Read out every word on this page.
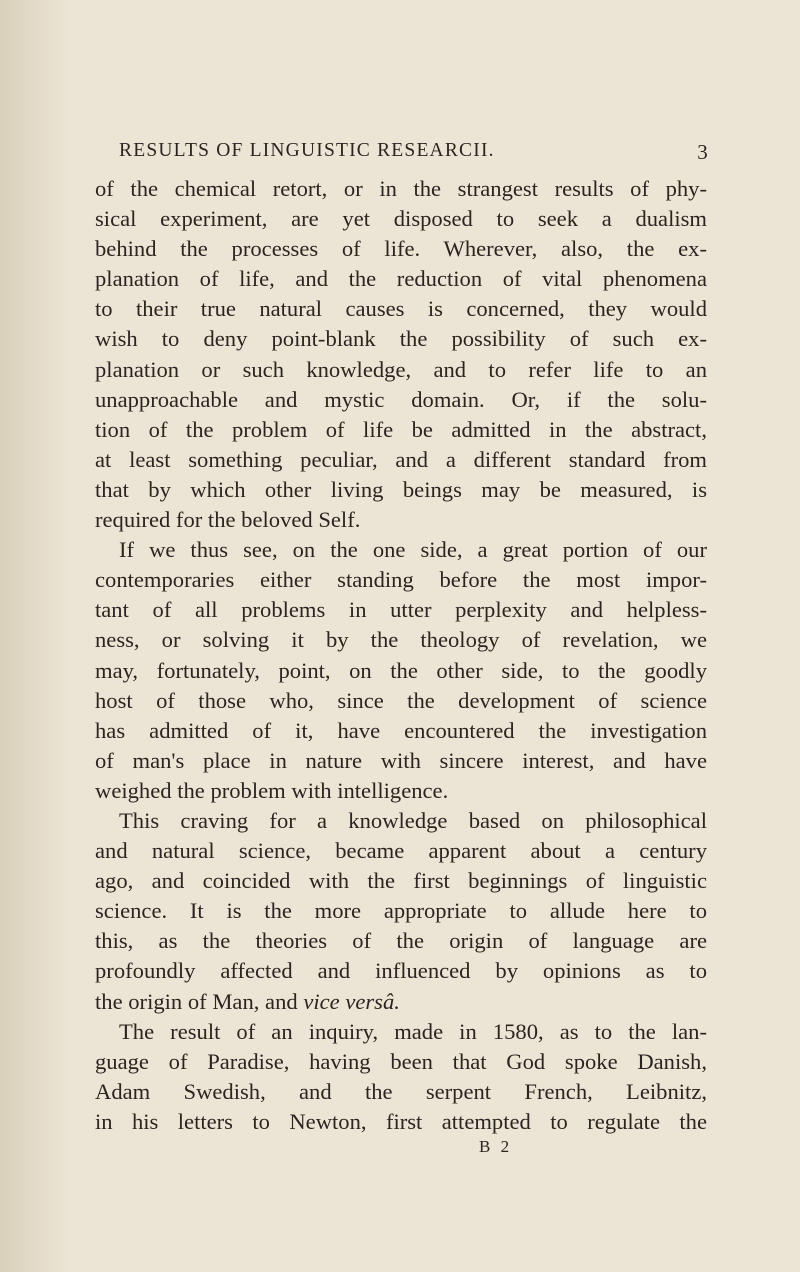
RESULTS OF LINGUISTIC RESEARCII.	3
of the chemical retort, or in the strangest results of phy-
sical experiment, are yet disposed to seek a dualism
behind the processes of life. Wherever, also, the ex-
planation of life, and the reduction of vital phenomena
to their true natural causes is concerned, they would
wish to deny point-blank the possibility of such ex-
planation or such knowledge, and to refer life to an
unapproachable and mystic domain. Or, if the solu-
tion of the problem of life be admitted in the abstract,
at least something peculiar, and a different standard from
that by which other living beings may be measured, is
required for the beloved Self.
If we thus see, on the one side, a great portion of our
contemporaries either standing before the most impor-
tant of all problems in utter perplexity and helpless-
ness, or solving it by the theology of revelation, we
may, fortunately, point, on the other side, to the goodly
host of those who, since the development of science
has admitted of it, have encountered the investigation
of man's place in nature with sincere interest, and have
weighed the problem with intelligence.
This craving for a knowledge based on philosophical
and natural science, became apparent about a century
ago, and coincided with the first beginnings of linguistic
science. It is the more appropriate to allude here to
this, as the theories of the origin of language are
profoundly affected and influenced by opinions as to
the origin of Man, and vice versâ.
The result of an inquiry, made in 1580, as to the lan-
guage of Paradise, having been that God spoke Danish,
Adam Swedish, and the serpent French, Leibnitz,
in his letters to Newton, first attempted to regulate the
B 2
